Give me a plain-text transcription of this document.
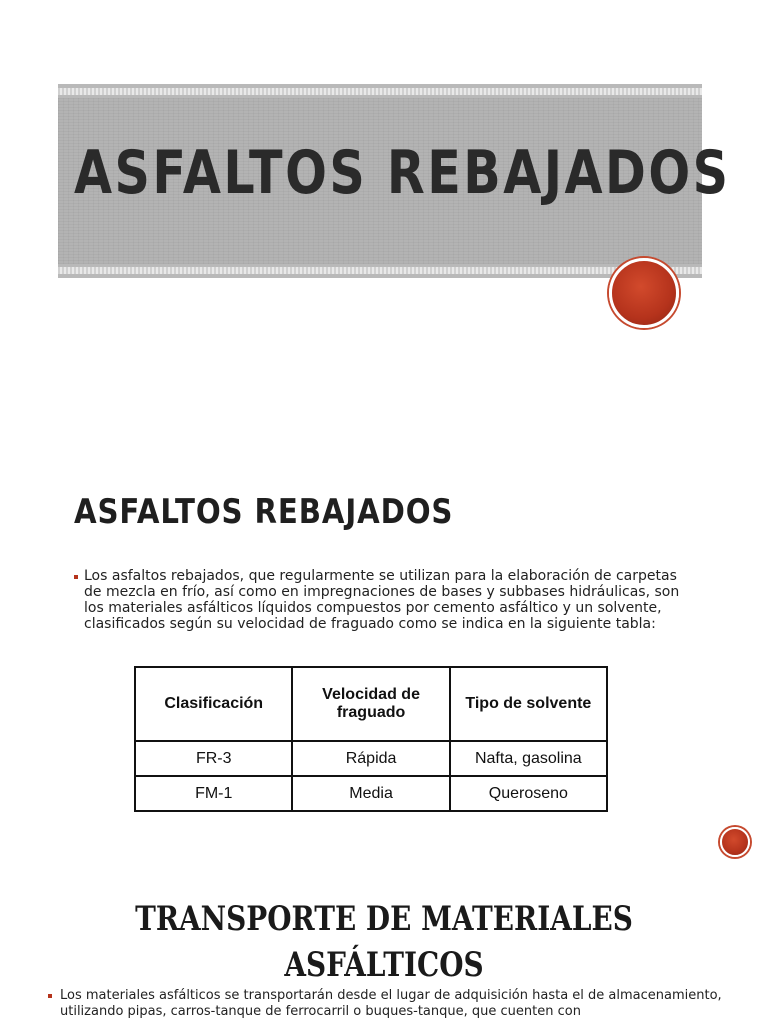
ASFALTOS REBAJADOS
ASFALTOS REBAJADOS
Los asfaltos rebajados, que regularmente se utilizan para la elaboración de carpetas de mezcla en frío, así como en impregnaciones de bases y subbases hidráulicas, son los materiales asfálticos líquidos compuestos por cemento asfáltico y un solvente, clasificados según su velocidad de fraguado como se indica en la siguiente tabla:
Clasificación	Velocidad de fraguado	Tipo de solvente
FR-3	Rápida	Nafta, gasolina
FM-1	Media	Queroseno
TRANSPORTE DE MATERIALES
ASFÁLTICOS
Los materiales asfálticos se transportarán desde el lugar de adquisición hasta el de almacenamiento, utilizando pipas, carros-tanque de ferrocarril o buques-tanque, que cuenten con
